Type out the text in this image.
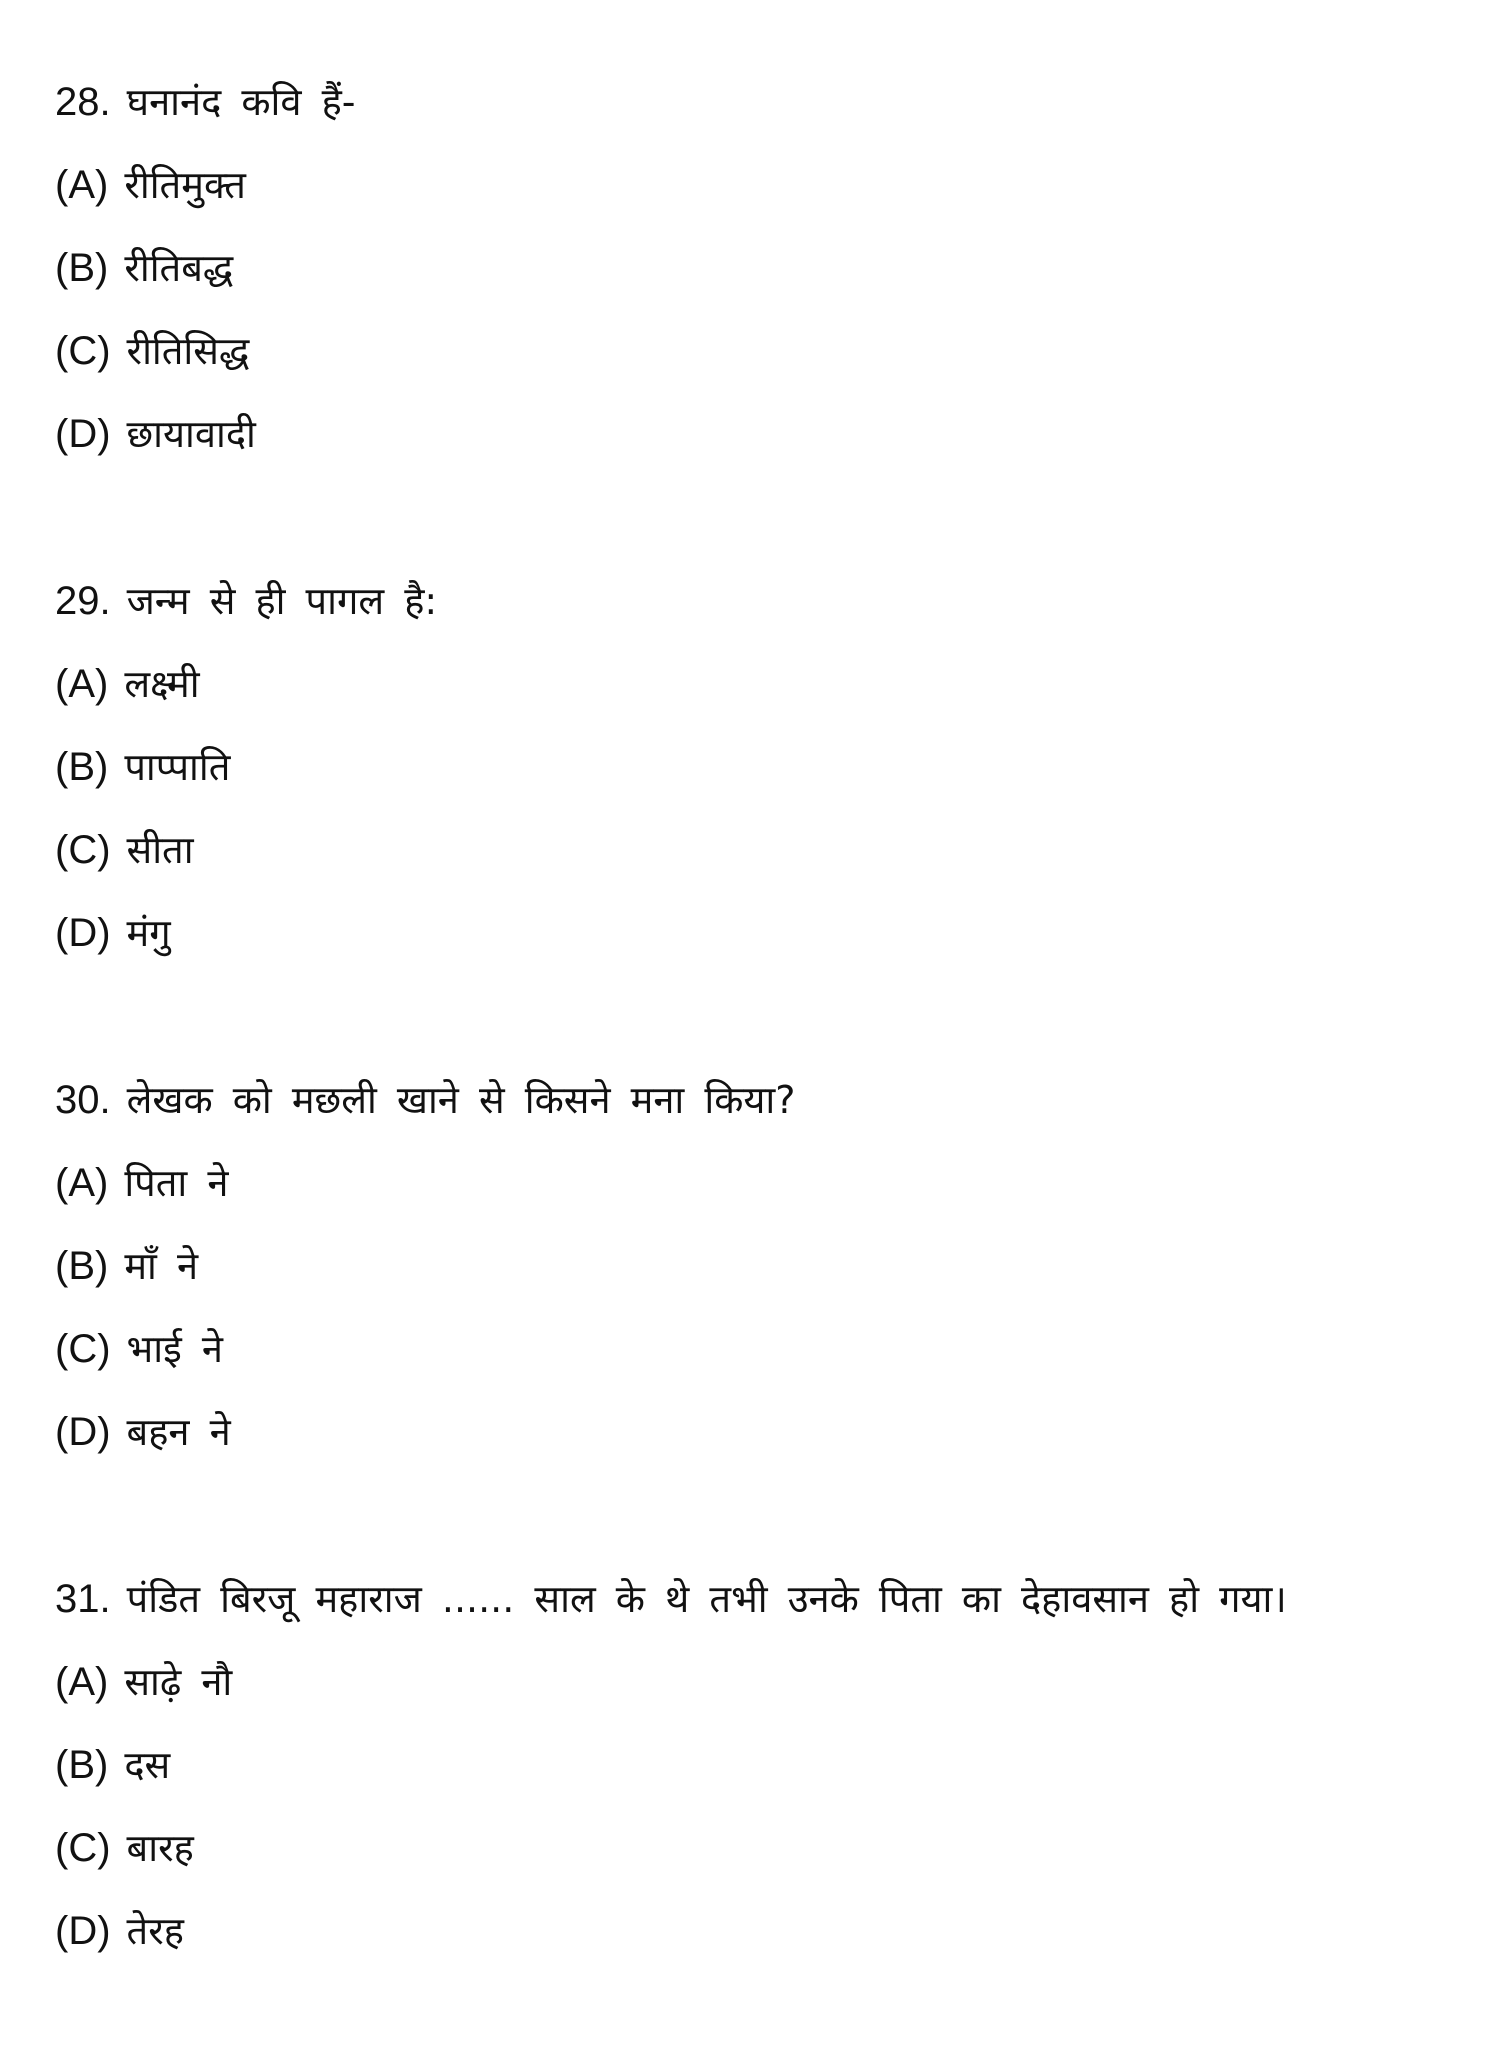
28. घनानंद कवि हैं-
(A) रीतिमुक्त
(B) रीतिबद्ध
(C) रीतिसिद्ध
(D) छायावादी
29. जन्म से ही पागल है:
(A) लक्ष्मी
(B) पाप्पाति
(C) सीता
(D) मंगु
30. लेखक को मछली खाने से किसने मना किया?
(A) पिता ने
(B) माँ ने
(C) भाई ने
(D) बहन ने
31. पंडित बिरजू महाराज ...... साल के थे तभी उनके पिता का देहावसान हो गया।
(A) साढ़े नौ
(B) दस
(C) बारह
(D) तेरह
